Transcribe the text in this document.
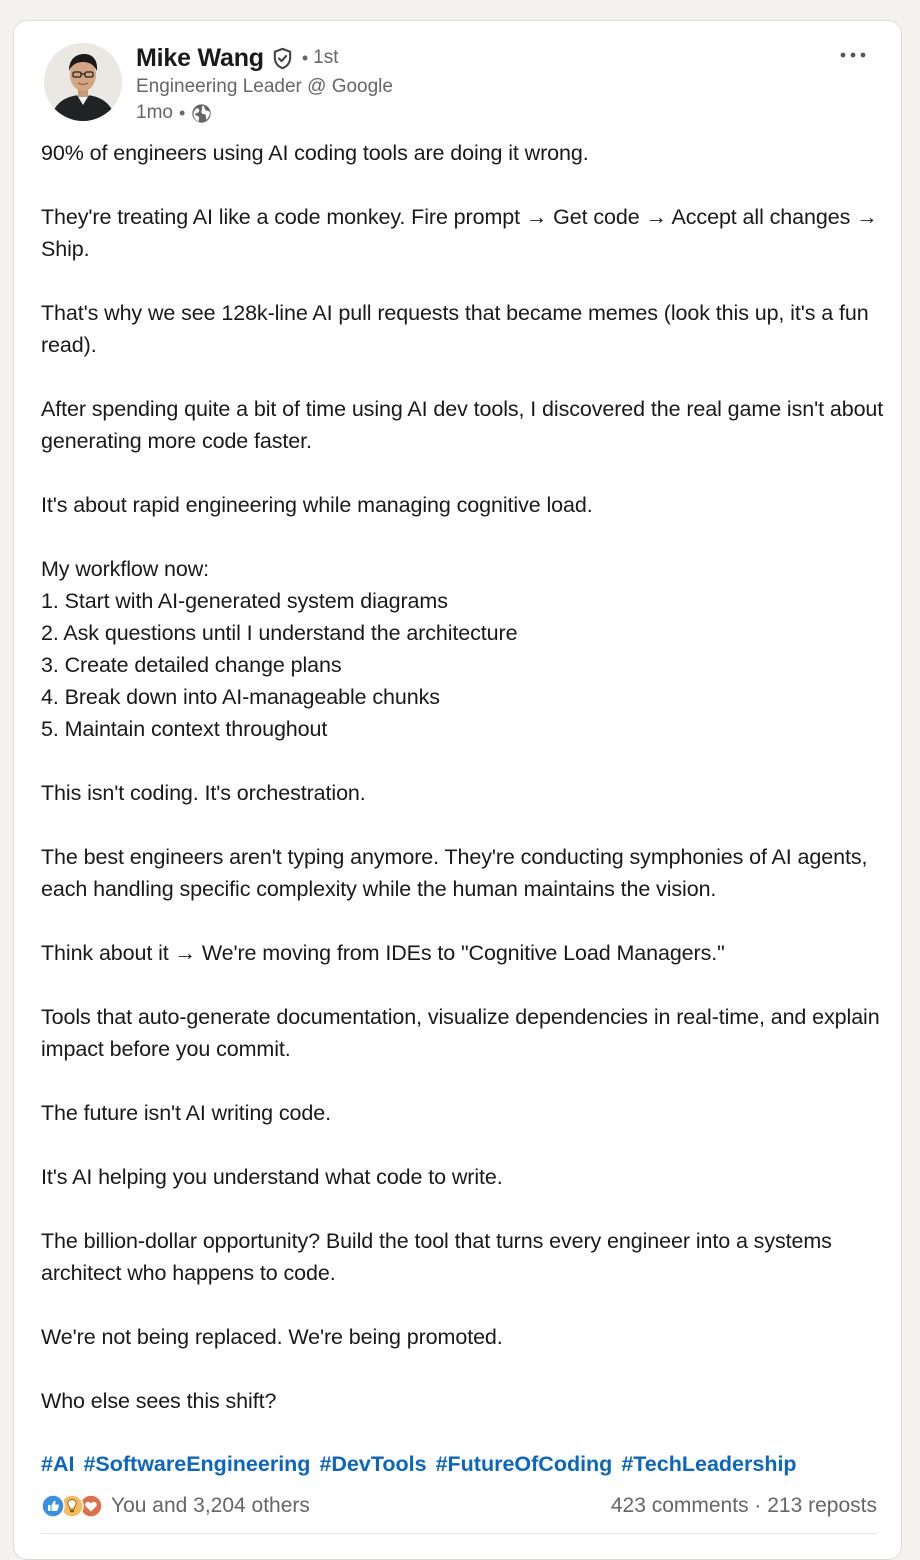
Mike Wang • 1st
Engineering Leader @ Google
1mo •
90% of engineers using AI coding tools are doing it wrong.

They're treating AI like a code monkey. Fire prompt → Get code → Accept all changes → Ship.

That's why we see 128k-line AI pull requests that became memes (look this up, it's a fun read).

After spending quite a bit of time using AI dev tools, I discovered the real game isn't about generating more code faster.

It's about rapid engineering while managing cognitive load.

My workflow now:
1. Start with AI-generated system diagrams
2. Ask questions until I understand the architecture
3. Create detailed change plans
4. Break down into AI-manageable chunks
5. Maintain context throughout

This isn't coding. It's orchestration.

The best engineers aren't typing anymore. They're conducting symphonies of AI agents, each handling specific complexity while the human maintains the vision.

Think about it → We're moving from IDEs to "Cognitive Load Managers."

Tools that auto-generate documentation, visualize dependencies in real-time, and explain impact before you commit.

The future isn't AI writing code.

It's AI helping you understand what code to write.

The billion-dollar opportunity? Build the tool that turns every engineer into a systems architect who happens to code.

We're not being replaced. We're being promoted.

Who else sees this shift?
#AI #SoftwareEngineering #DevTools #FutureOfCoding #TechLeadership
You and 3,204 others	423 comments · 213 reposts
